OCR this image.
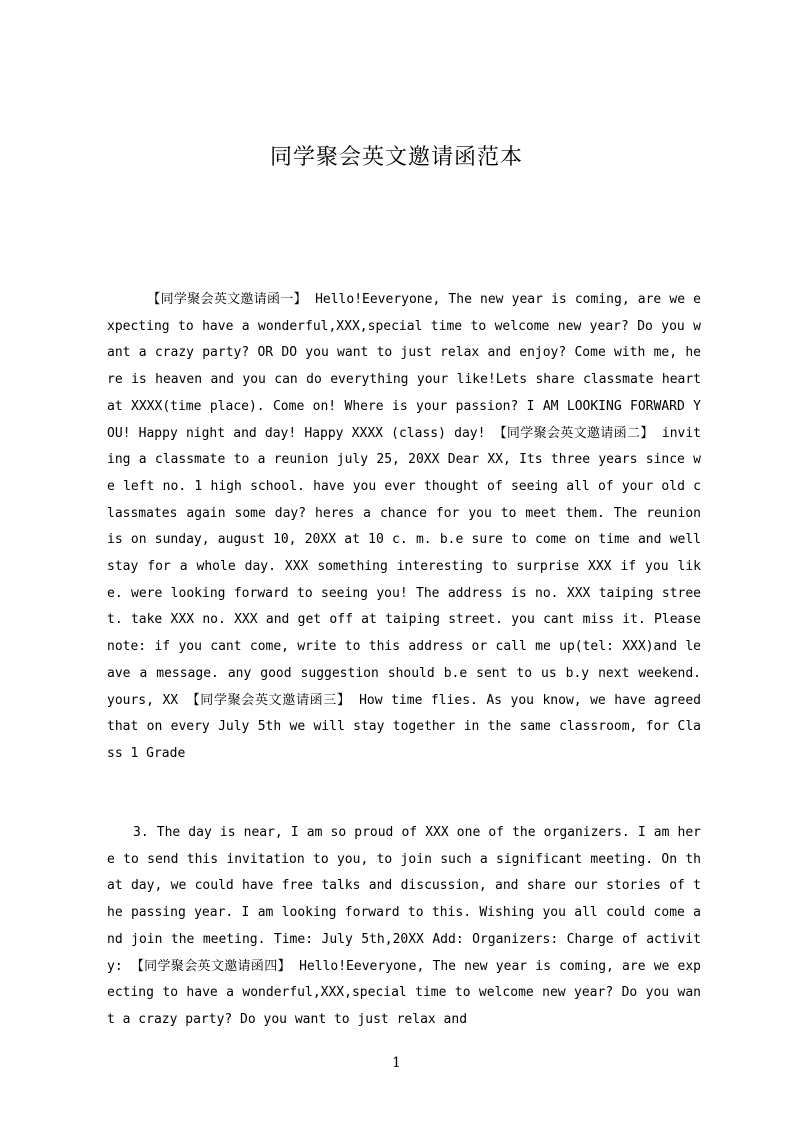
同学聚会英文邀请函范本

【同学聚会英文邀请函一】 Hello!Eeveryone, The new year is coming, are we expecting to have a wonderful,XXX,special time to welcome new year? Do you want a crazy party? OR DO you want to just relax and enjoy? Come with me, here is heaven and you can do everything your like!Lets share classmate heart at XXXX(time place). Come on! Where is your passion? I AM LOOKING FORWARD YOU! Happy night and day! Happy XXXX (class) day! 【同学聚会英文邀请函二】 inviting a classmate to a reunion july 25, 20XX Dear XX, Its three years since we left no. 1 high school. have you ever thought of seeing all of your old classmates again some day? heres a chance for you to meet them. The reunion is on sunday, august 10, 20XX at 10 c. m. b.e sure to come on time and well stay for a whole day. XXX something interesting to surprise XXX if you like. were looking forward to seeing you! The address is no. XXX taiping street. take XXX no. XXX and get off at taiping street. you cant miss it. Please note: if you cant come, write to this address or call me up(tel: XXX)and leave a message. any good suggestion should b.e sent to us b.y next weekend. yours, XX 【同学聚会英文邀请函三】 How time flies. As you know, we have agreed that on every July 5th we will stay together in the same classroom, for Class 1 Grade

3. The day is near, I am so proud of XXX one of the organizers. I am here to send this invitation to you, to join such a significant meeting. On that day, we could have free talks and discussion, and share our stories of the passing year. I am looking forward to this. Wishing you all could come and join the meeting. Time: July 5th,20XX Add: Organizers: Charge of activity: 【同学聚会英文邀请函四】 Hello!Eeveryone, The new year is coming, are we expecting to have a wonderful,XXX,special time to welcome new year? Do you want a crazy party? Do you want to just relax and

1
